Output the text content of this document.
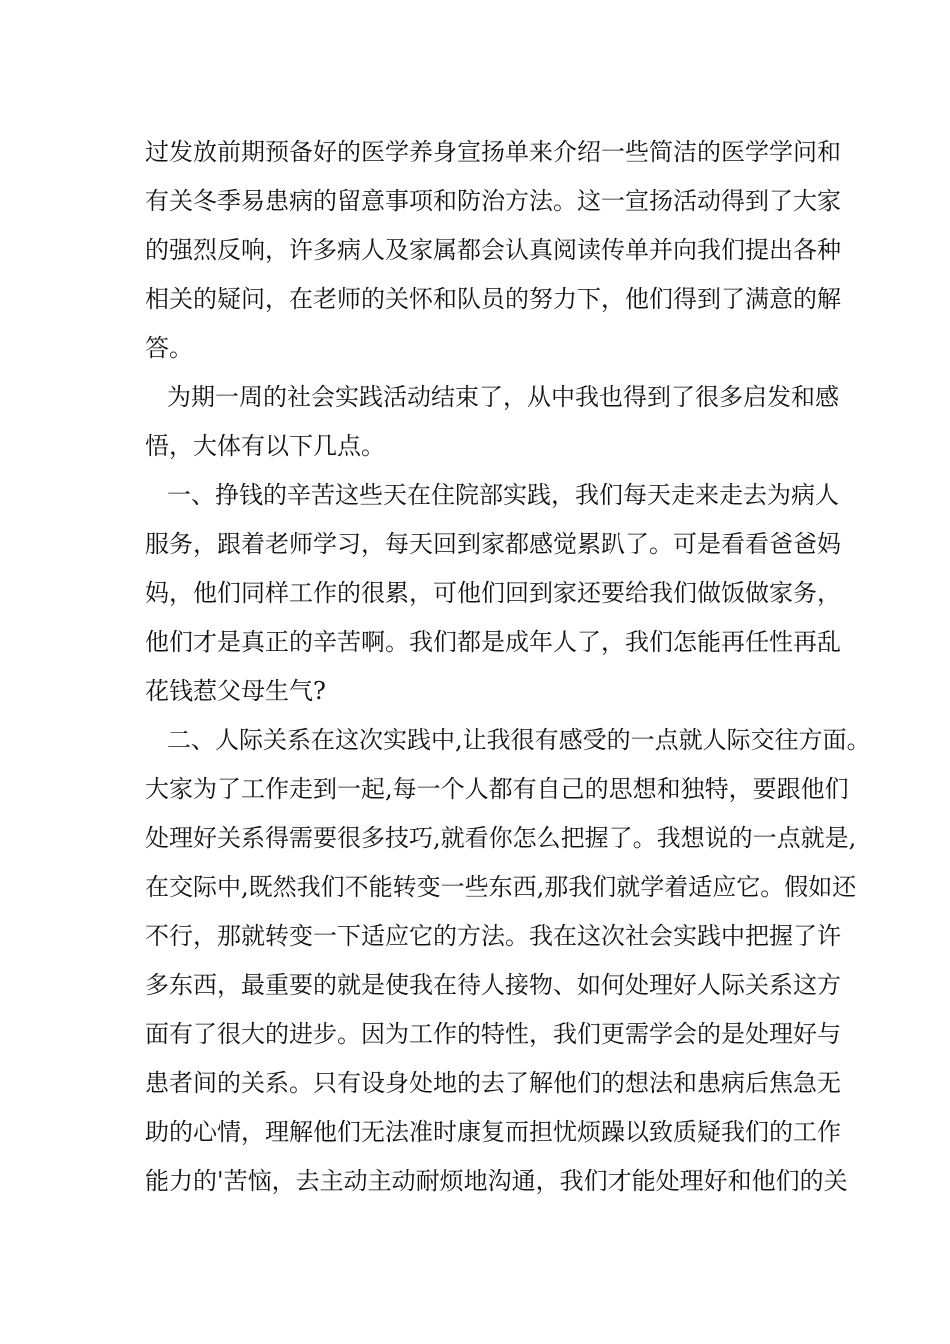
过发放前期预备好的医学养身宣扬单来介绍一些简洁的医学学问和
有关冬季易患病的留意事项和防治方法。这一宣扬活动得到了大家
的强烈反响，许多病人及家属都会认真阅读传单并向我们提出各种
相关的疑问，在老师的关怀和队员的努力下，他们得到了满意的解
答。
为期一周的社会实践活动结束了，从中我也得到了很多启发和感
悟，大体有以下几点。
一、挣钱的辛苦这些天在住院部实践，我们每天走来走去为病人
服务，跟着老师学习，每天回到家都感觉累趴了。可是看看爸爸妈
妈，他们同样工作的很累，可他们回到家还要给我们做饭做家务，
他们才是真正的辛苦啊。我们都是成年人了，我们怎能再任性再乱
花钱惹父母生气?
二、人际关系在这次实践中,让我很有感受的一点就人际交往方面。
大家为了工作走到一起,每一个人都有自己的思想和独特，要跟他们
处理好关系得需要很多技巧,就看你怎么把握了。我想说的一点就是,
在交际中,既然我们不能转变一些东西,那我们就学着适应它。假如还
不行，那就转变一下适应它的方法。我在这次社会实践中把握了许
多东西，最重要的就是使我在待人接物、如何处理好人际关系这方
面有了很大的进步。因为工作的特性，我们更需学会的是处理好与
患者间的关系。只有设身处地的去了解他们的想法和患病后焦急无
助的心情，理解他们无法准时康复而担忧烦躁以致质疑我们的工作
能力的'苦恼，去主动主动耐烦地沟通，我们才能处理好和他们的关
